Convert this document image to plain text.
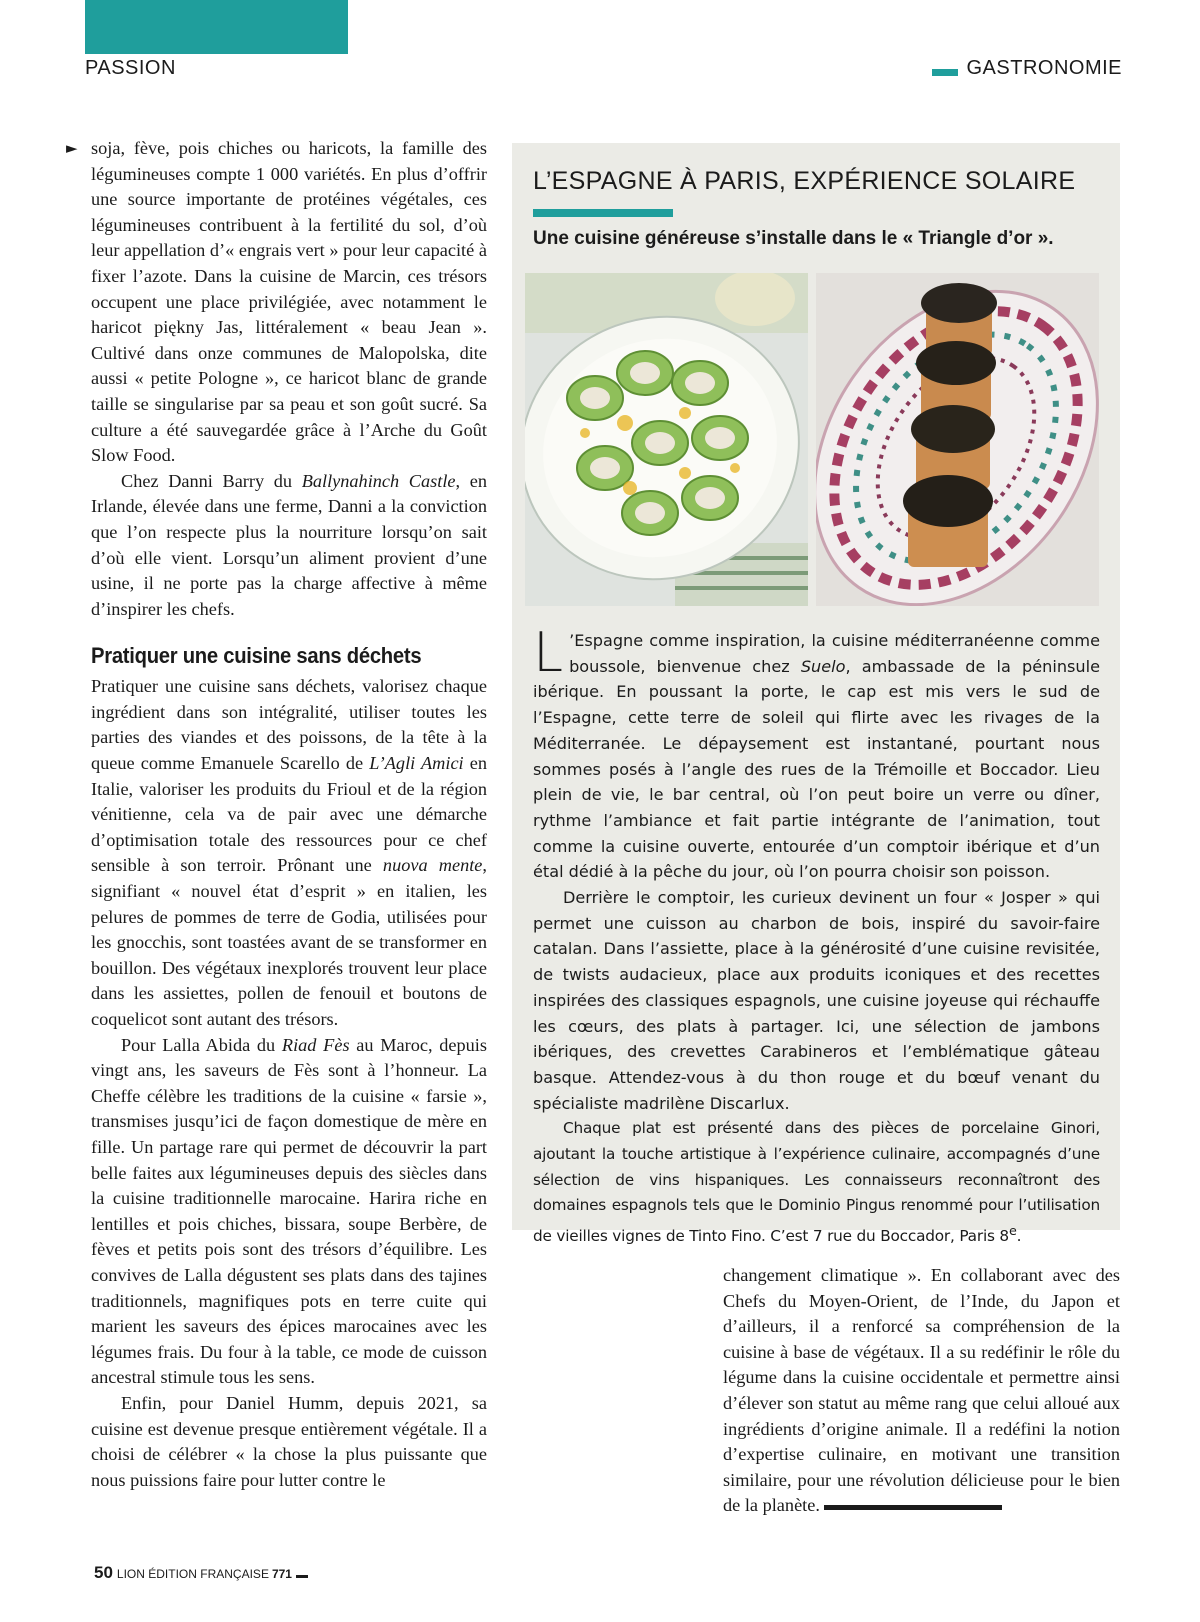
PASSION	GASTRONOMIE
► soja, fève, pois chiches ou haricots, la famille des légumineuses compte 1 000 variétés. En plus d’offrir une source importante de protéines végétales, ces légumineuses contribuent à la fertilité du sol, d’où leur appellation d’« engrais vert » pour leur capacité à fixer l’azote. Dans la cuisine de Marcin, ces trésors occupent une place privilégiée, avec notamment le haricot piękny Jas, littéralement « beau Jean ». Cultivé dans onze communes de Malopolska, dite aussi « petite Pologne », ce haricot blanc de grande taille se singularise par sa peau et son goût sucré. Sa culture a été sauvegardée grâce à l’Arche du Goût Slow Food.

Chez Danni Barry du Ballynahinch Castle, en Irlande, élevée dans une ferme, Danni a la conviction que l’on respecte plus la nourriture lorsqu’on sait d’où elle vient. Lorsqu’un aliment provient d’une usine, il ne porte pas la charge affective à même d’inspirer les chefs.

Pratiquer une cuisine sans déchets

Pratiquer une cuisine sans déchets, valorisez chaque ingrédient dans son intégralité, utiliser toutes les parties des viandes et des poissons, de la tête à la queue comme Emanuele Scarello de L’Agli Amici en Italie, valoriser les produits du Frioul et de la région vénitienne, cela va de pair avec une démarche d’optimisation totale des ressources pour ce chef sensible à son terroir. Prônant une nuova mente, signifiant « nouvel état d’esprit » en italien, les pelures de pommes de terre de Godia, utilisées pour les gnocchis, sont toastées avant de se transformer en bouillon. Des végétaux inexplorés trouvent leur place dans les assiettes, pollen de fenouil et boutons de coquelicot sont autant des trésors.

Pour Lalla Abida du Riad Fès au Maroc, depuis vingt ans, les saveurs de Fès sont à l’honneur. La Cheffe célèbre les traditions de la cuisine « farsie », transmises jusqu’ici de façon domestique de mère en fille. Un partage rare qui permet de découvrir la part belle faites aux légumineuses depuis des siècles dans la cuisine traditionnelle marocaine. Harira riche en lentilles et pois chiches, bissara, soupe Berbère, de fèves et petits pois sont des trésors d’équilibre. Les convives de Lalla dégustent ses plats dans des tajines traditionnels, magnifiques pots en terre cuite qui marient les saveurs des épices marocaines avec les légumes frais. Du four à la table, ce mode de cuisson ancestral stimule tous les sens.

Enfin, pour Daniel Humm, depuis 2021, sa cuisine est devenue presque entièrement végétale. Il a choisi de célébrer « la chose la plus puissante que nous puissions faire pour lutter contre le

L’ESPAGNE À PARIS, EXPÉRIENCE SOLAIRE
Une cuisine généreuse s’installe dans le « Triangle d’or ».

L ’Espagne comme inspiration, la cuisine méditerranéenne comme boussole, bienvenue chez Suelo, ambassade de la péninsule ibérique. En poussant la porte, le cap est mis vers le sud de l’Espagne, cette terre de soleil qui flirte avec les rivages de la Méditerranée. Le dépaysement est instantané, pourtant nous sommes posés à l’angle des rues de la Trémoille et Boccador. Lieu plein de vie, le bar central, où l’on peut boire un verre ou dîner, rythme l’ambiance et fait partie intégrante de l’animation, tout comme la cuisine ouverte, entourée d’un comptoir ibérique et d’un étal dédié à la pêche du jour, où l’on pourra choisir son poisson.

Derrière le comptoir, les curieux devinent un four « Josper » qui permet une cuisson au charbon de bois, inspiré du savoir-faire catalan. Dans l’assiette, place à la générosité d’une cuisine revisitée, de twists audacieux, place aux produits iconiques et des recettes inspirées des classiques espagnols, une cuisine joyeuse qui réchauffe les cœurs, des plats à partager. Ici, une sélection de jambons ibériques, des crevettes Carabineros et l’emblématique gâteau basque. Attendez-vous à du thon rouge et du bœuf venant du spécialiste madrilène Discarlux.

Chaque plat est présenté dans des pièces de porcelaine Ginori, ajoutant la touche artistique à l’expérience culinaire, accompagnés d’une sélection de vins hispaniques. Les connaisseurs reconnaîtront des domaines espagnols tels que le Dominio Pingus renommé pour l’utilisation de vieilles vignes de Tinto Fino. C’est 7 rue du Boccador, Paris 8e.

changement climatique ». En collaborant avec des Chefs du Moyen-Orient, de l’Inde, du Japon et d’ailleurs, il a renforcé sa compréhension de la cuisine à base de végétaux. Il a su redéfinir le rôle du légume dans la cuisine occidentale et permettre ainsi d’élever son statut au même rang que celui alloué aux ingrédients d’origine animale. Il a redéfini la notion d’expertise culinaire, en motivant une transition similaire, pour une révolution délicieuse pour le bien de la planète.

50 LION ÉDITION FRANÇAISE 771
